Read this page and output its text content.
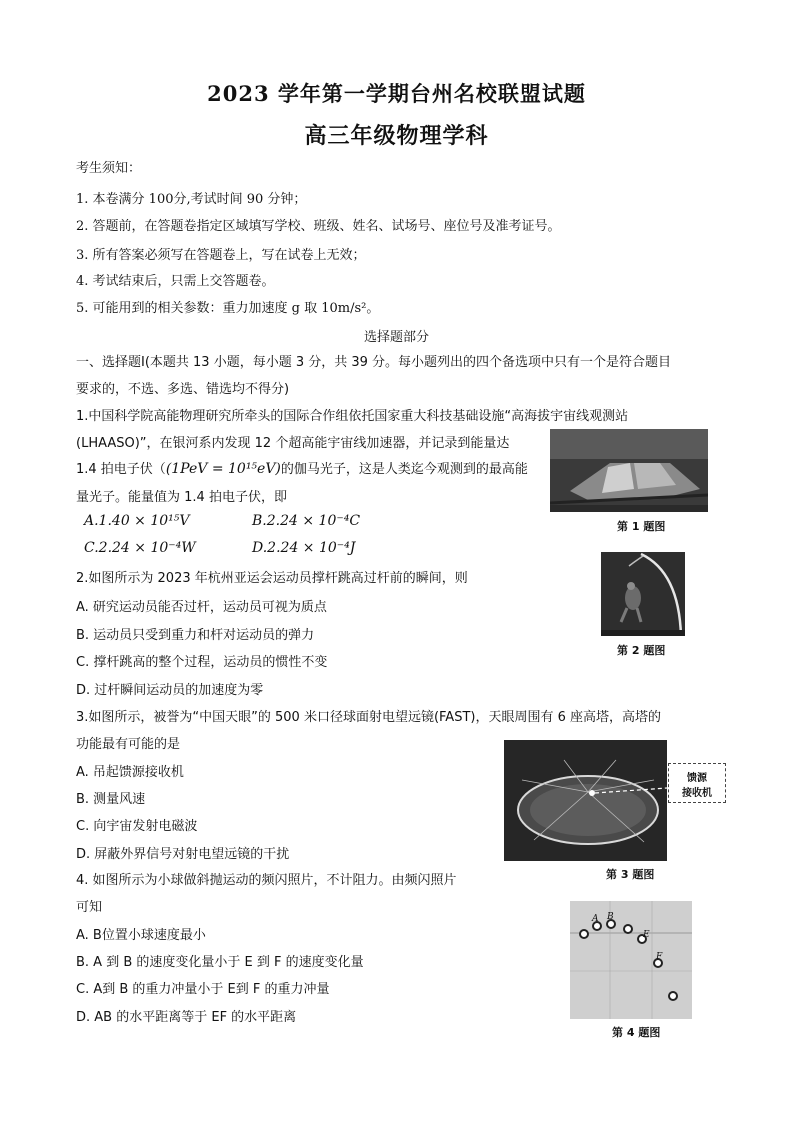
2023 学年第一学期台州名校联盟试题
高三年级物理学科
考生须知：
1. 本卷满分 100分,考试时间 90 分钟；
2. 答题前，在答题卷指定区域填写学校、班级、姓名、试场号、座位号及准考证号。
3. 所有答案必须写在答题卷上，写在试卷上无效；
4. 考试结束后，只需上交答题卷。
5. 可能用到的相关参数：重力加速度 g 取 10m/s²。
选择题部分
一、选择题Ⅰ(本题共 13 小题，每小题 3 分，共 39 分。每小题列出的四个备选项中只有一个是符合题目
要求的，不选、多选、错选均不得分)
1.中国科学院高能物理研究所牵头的国际合作组依托国家重大科技基础设施“高海拔宇宙线观测站
(LHAASO)”，在银河系内发现 12 个超高能宇宙线加速器，并记录到能量达
1.4 拍电子伏（(1PeV = 10¹⁵eV)的伽马光子，这是人类迄今观测到的最高能
量光子。能量值为 1.4 拍电子伏，即
A.1.40 × 10¹⁵V	B.2.24 × 10⁻⁴C
C.2.24 × 10⁻⁴W	D.2.24 × 10⁻⁴J
第 1 题图
2.如图所示为 2023 年杭州亚运会运动员撑杆跳高过杆前的瞬间，则
A. 研究运动员能否过杆，运动员可视为质点
B. 运动员只受到重力和杆对运动员的弹力
C. 撑杆跳高的整个过程，运动员的惯性不变
D. 过杆瞬间运动员的加速度为零
第 2 题图
3.如图所示，被誉为“中国天眼”的 500 米口径球面射电望远镜(FAST)，天眼周围有 6 座高塔，高塔的
功能最有可能的是
A. 吊起馈源接收机
B. 测量风速
C. 向宇宙发射电磁波
D. 屏蔽外界信号对射电望远镜的干扰
馈源
接收机
第 3 题图
4. 如图所示为小球做斜抛运动的频闪照片，不计阻力。由频闪照片
可知
A. B位置小球速度最小
B. A 到 B 的速度变化量小于 E 到 F 的速度变化量
C. A到 B 的重力冲量小于 E到 F 的重力冲量
D. AB 的水平距离等于 EF 的水平距离
A B
E
F
第 4 题图
